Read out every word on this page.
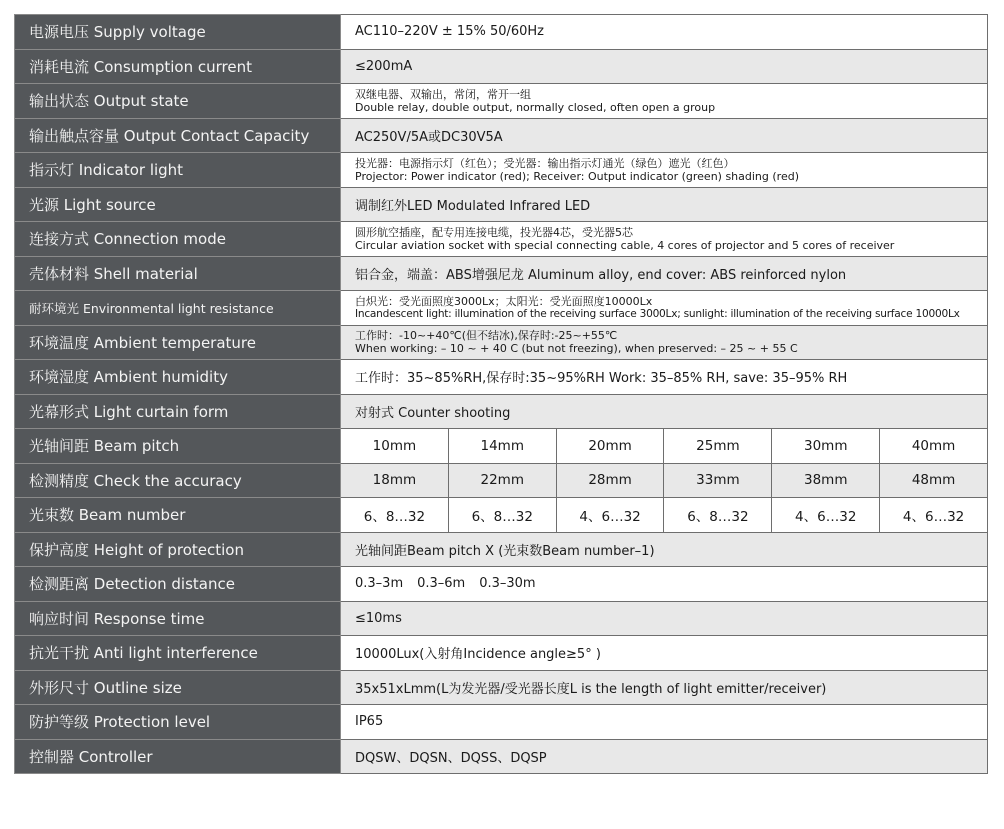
电源电压 Supply voltage	AC110–220V ± 15% 50/60Hz					
消耗电流 Consumption current	≤200mA					
输出状态 Output state	双继电器、双输出，常闭，常开一组
Double relay, double output, normally closed, often open a group					

输出触点容量 Output Contact Capacity	AC250V/5A或DC30V5A					
指示灯 Indicator light	投光器：电源指示灯（红色）；受光器：输出指示灯通光（绿色）遮光（红色）
Projector: Power indicator (red); Receiver: Output indicator (green) shading (red)					

光源 Light source	调制红外LED Modulated Infrared LED					
连接方式 Connection mode	圆形航空插座，配专用连接电缆，投光器4芯，受光器5芯
Circular aviation socket with special connecting cable, 4 cores of projector and 5 cores of receiver					

壳体材料 Shell material	铝合金，端盖：ABS增强尼龙 Aluminum alloy, end cover: ABS reinforced nylon					
耐环境光 Environmental light resistance	白炽光：受光面照度3000Lx；太阳光：受光面照度10000Lx
Incandescent light: illumination of the receiving surface 3000Lx; sunlight: illumination of the receiving surface 10000Lx					

环境温度 Ambient temperature	工作时：-10~+40℃(但不结冰),保存时:-25~+55℃
When working: – 10 ~ + 40 C (but not freezing), when preserved: – 25 ~ + 55 C					

环境湿度 Ambient humidity	工作时：35~85%RH,保存时:35~95%RH Work: 35–85% RH, save: 35–95% RH					
光幕形式 Light curtain form	对射式 Counter shooting					
光轴间距 Beam pitch	10mm	14mm	20mm	25mm	30mm	40mm
检测精度 Check the accuracy	18mm	22mm	28mm	33mm	38mm	48mm
光束数 Beam number	6、8…32	6、8…32	4、6…32	6、8…32	4、6…32	4、6…32
保护高度 Height of protection	光轴间距Beam pitch X (光束数Beam number–1)					
检测距离 Detection distance	0.3–3m 0.3–6m 0.3–30m					
响应时间 Response time	≤10ms					
抗光干扰 Anti light interference	10000Lux(入射角Incidence angle≥5° )					
外形尺寸 Outline size	35x51xLmm(L为发光器/受光器长度L is the length of light emitter/receiver)					
防护等级 Protection level	IP65					
控制器 Controller	DQSW、DQSN、DQSS、DQSP					
